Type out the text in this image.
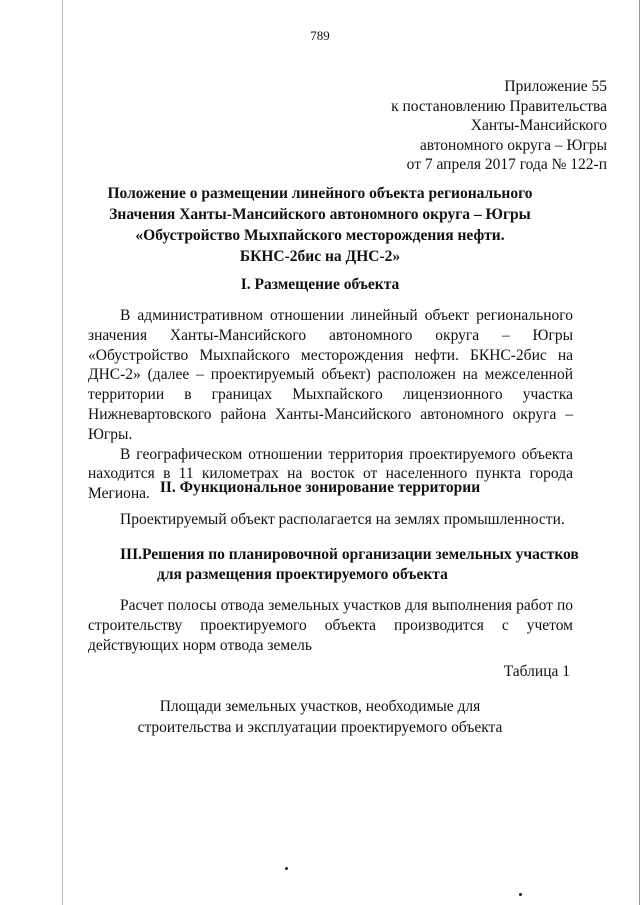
789
Приложение 55
к постановлению Правительства
Ханты-Мансийского
автономного округа – Югры
от 7 апреля 2017 года № 122-п
Положение о размещении линейного объекта регионального
Значения Ханты-Мансийского автономного округа – Югры
«Обустройство Мыхпайского месторождения нефти.
БКНС-2бис на ДНС-2»
I. Размещение объекта

В административном отношении линейный объект регионального значения Ханты-Мансийского автономного округа – Югры «Обустройство Мыхпайского месторождения нефти. БКНС-2бис на ДНС-2» (далее – проектируемый объект) расположен на межселенной территории в границах Мыхпайского лицензионного участка Нижневартовского района Ханты-Мансийского автономного округа – Югры.

В географическом отношении территория проектируемого объекта находится в 11 километрах на восток от населенного пункта города Мегиона. II. Функциональное зонирование территории

Проектируемый объект располагается на землях промышленности.

III.Решения по планировочной организации земельных участков
для размещения проектируемого объекта

Расчет полосы отвода земельных участков для выполнения работ по строительству проектируемого объекта производится с учетом действующих норм отвода земель

Таблица 1
Площади земельных участков, необходимые для
строительства и эксплуатации проектируемого объекта
